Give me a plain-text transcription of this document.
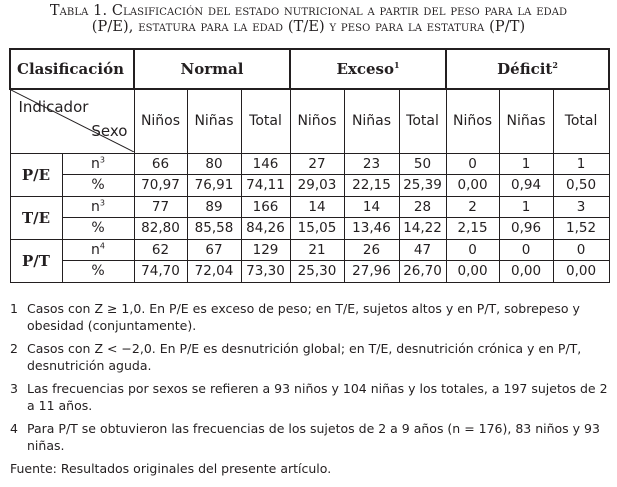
Tabla 1. Clasificación del estado nutricional a partir del peso para la edad
(P/E), estatura para la edad (T/E) y peso para la estatura (P/T)
Clasificación		Normal			Exceso$^1$			Déficit$^2$

Indicador
Sexo		Niños	Niñas	Total	Niños	Niñas	Total	Niños	Niñas	Total
P/E	$n^3$	66	80	146	27	23	50	0	1	1
	%	70,97	76,91	74,11	29,03	22,15	25,39	0,00	0,94	0,50
T/E	$n^3$	77	89	166	14	14	28	2	1	3
	%	82,80	85,58	84,26	15,05	13,46	14,22	2,15	0,96	1,52
P/T	$n^4$	62	67	129	21	26	47	0	0	0
	%	74,70	72,04	73,30	25,30	27,96	26,70	0,00	0,00	0,00
1 Casos con Z ≥ 1,0. En P/E es exceso de peso; en T/E, sujetos altos y en P/T, sobrepeso y obesidad (conjuntamente).
2 Casos con Z < −2,0. En P/E es desnutrición global; en T/E, desnutrición crónica y en P/T, desnutrición aguda.
3 Las frecuencias por sexos se refieren a 93 niños y 104 niñas y los totales, a 197 sujetos de 2 a 11 años.
4 Para P/T se obtuvieron las frecuencias de los sujetos de 2 a 9 años (n = 176), 83 niños y 93 niñas.
Fuente: Resultados originales del presente artículo.
